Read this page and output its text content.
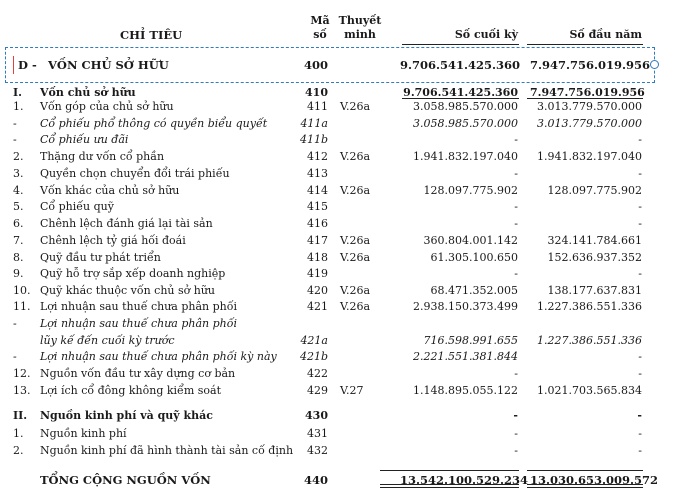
CHỈ TIÊU
Mã
số
Thuyết
minh	Số cuối kỳ	Số đầu năm
D - VỐN CHỦ SỞ HỮU	400	9.706.541.425.360 7.947.756.019.956
I.	Vốn chủ sở hữu	410	9.706.541.425.360 7.947.756.019.956
1.	Vốn góp của chủ sở hữu	411 V.26a	3.058.985.570.000	3.013.779.570.000
-	Cổ phiếu phổ thông có quyền biểu quyết	411a	3.058.985.570.000	3.013.779.570.000
-	Cổ phiếu ưu đãi	411b	-	-
2.	Thặng dư vốn cổ phần	412 V.26a	1.941.832.197.040	1.941.832.197.040
3.	Quyền chọn chuyển đổi trái phiếu	413	-	-
4.	Vốn khác của chủ sở hữu	414 V.26a	128.097.775.902	128.097.775.902
5.	Cổ phiếu quỹ	415	-	-
6.	Chênh lệch đánh giá lại tài sản	416	-	-
7.	Chênh lệch tỷ giá hối đoái	417 V.26a	360.804.001.142	324.141.784.661
8.	Quỹ đầu tư phát triển	418 V.26a	61.305.100.650	152.636.937.352
9.	Quỹ hỗ trợ sắp xếp doanh nghiệp	419	-	-
10. Quỹ khác thuộc vốn chủ sở hữu	420 V.26a	68.471.352.005	138.177.637.831
11. Lợi nhuận sau thuế chưa phân phối	421 V.26a	2.938.150.373.499	1.227.386.551.336
-	Lợi nhuận sau thuế chưa phân phối
lũy kế đến cuối kỳ trước	421a	716.598.991.655	1.227.386.551.336
-	Lợi nhuận sau thuế chưa phân phối kỳ này	421b	2.221.551.381.844	-
12. Nguồn vốn đầu tư xây dựng cơ bản	422	-	-
13. Lợi ích cổ đông không kiểm soát	429 V.27	1.148.895.055.122	1.021.703.565.834
II.	Nguồn kinh phí và quỹ khác	430	-	-
1.	Nguồn kinh phí	431	-	-
2.	Nguồn kinh phí đã hình thành tài sản cố định	432	-	-
TỔNG CỘNG NGUỒN VỐN	440	13.542.100.529.234 13.030.653.009.572
